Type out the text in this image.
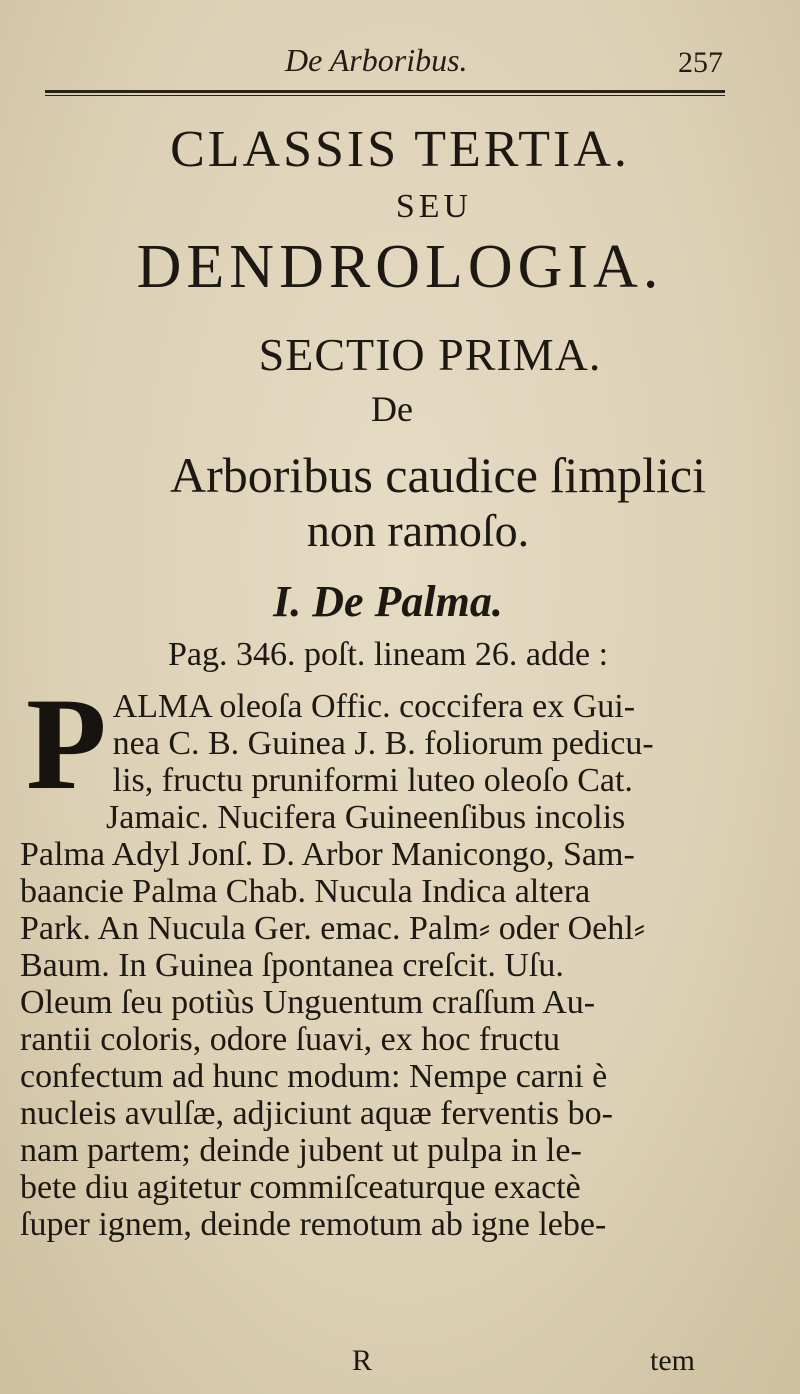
De Arboribus.	257
CLASSIS TERTIA.
SEU
DENDROLOGIA.
SECTIO PRIMA.
De
Arboribus caudice ſimplici
non ramoſo.
I. De Palma.
Pag. 346. poſt. lineam 26. adde :
P ALMA oleoſa Offic. coccifera ex Gui-
nea C. B. Guinea J. B. foliorum pedicu-
lis, fructu pruniformi luteo oleoſo Cat.
Jamaic. Nucifera Guineenſibus incolis
Palma Adyl Jonſ. D. Arbor Manicongo, Sam-
baancie Palma Chab. Nucula Indica altera
Park. An Nucula Ger. emac. Palm⸗ oder Oehl⸗
Baum. In Guinea ſpontanea creſcit. Uſu.
Oleum ſeu potiùs Unguentum craſſum Au-
rantii coloris, odore ſuavi, ex hoc fructu
confectum ad hunc modum: Nempe carni è
nucleis avulſæ, adjiciunt aquæ ferventis bo-
nam partem; deinde jubent ut pulpa in le-
bete diu agitetur commiſceaturque exactè
ſuper ignem, deinde remotum ab igne lebe-
R	tem
